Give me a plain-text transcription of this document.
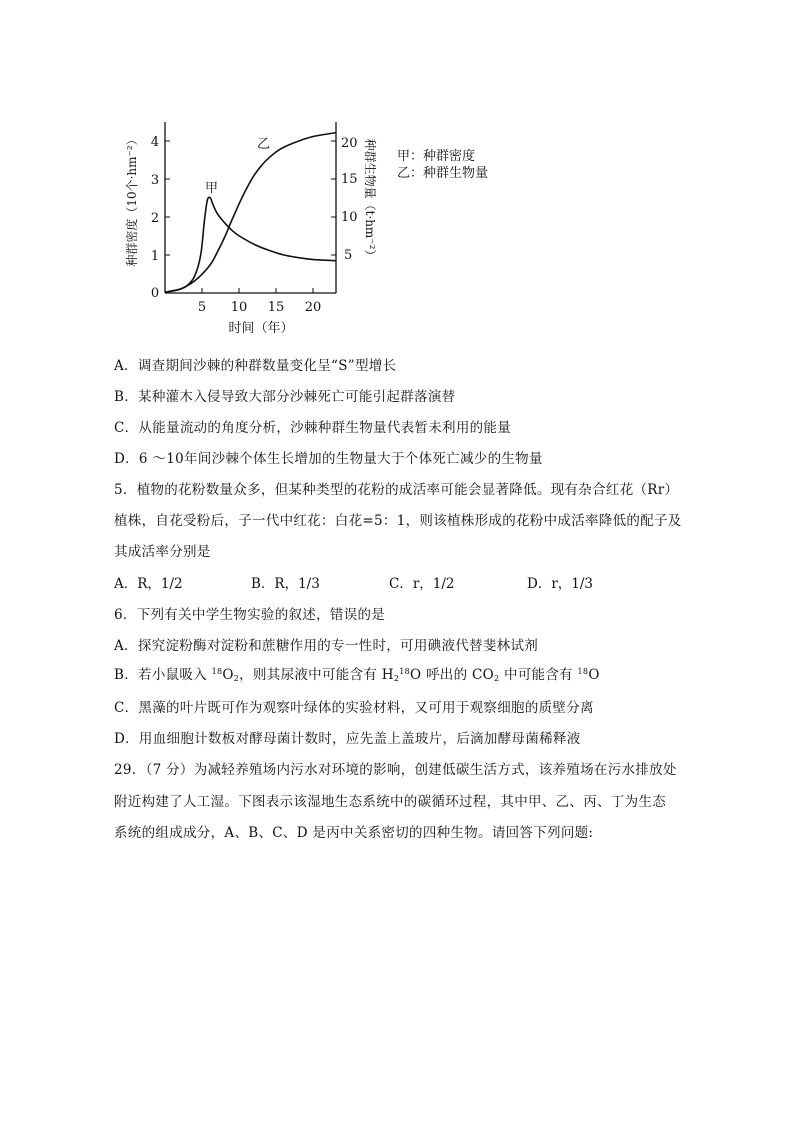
0
1
2
3
4
5
10
15
20
5 10 15 20
时间（年）
种群密度（10个·hm⁻²）	种群生物量（t·hm⁻²）
甲
乙
甲：种群密度
乙：种群生物量
A．调查期间沙棘的种群数量变化呈“S”型增长
B．某种灌木入侵导致大部分沙棘死亡可能引起群落演替
C．从能量流动的角度分析，沙棘种群生物量代表暂未利用的能量
D．6 ～10年间沙棘个体生长增加的生物量大于个体死亡减少的生物量
5．植物的花粉数量众多，但某种类型的花粉的成活率可能会显著降低。现有杂合红花（Rr）
植株，自花受粉后，子一代中红花：白花=5：1，则该植株形成的花粉中成活率降低的配子及
其成活率分别是
A．R，1/2	B．R，1/3	C．r，1/2	D．r，1/3
6．下列有关中学生物实验的叙述，错误的是
A．探究淀粉酶对淀粉和蔗糖作用的专一性时，可用碘液代替斐林试剂
B．若小鼠吸入 $^{18}O_2$，则其尿液中可能含有 $H_2^{18}O$ 呼出的 $CO_2$ 中可能含有 $^{18}$O
C．黑藻的叶片既可作为观察叶绿体的实验材料，又可用于观察细胞的质壁分离
D．用血细胞计数板对酵母菌计数时，应先盖上盖玻片，后滴加酵母菌稀释液
29．（7 分）为减轻养殖场内污水对环境的影响，创建低碳生活方式，该养殖场在污水排放处
附近构建了人工湿。下图表示该湿地生态系统中的碳循环过程，其中甲、乙、丙、丁为生态
系统的组成成分，A、B、C、D 是丙中关系密切的四种生物。请回答下列问题:
